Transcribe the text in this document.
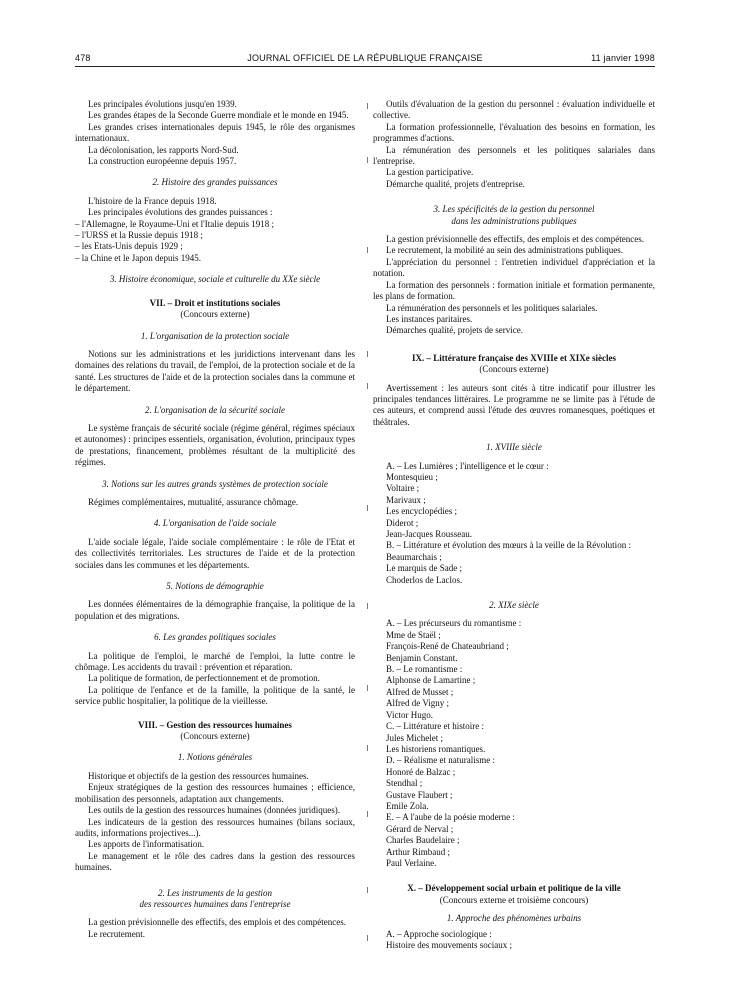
478	JOURNAL OFFICIEL DE LA RÉPUBLIQUE FRANÇAISE	11 janvier 1998

Les principales évolutions jusqu'en 1939.

Les grandes étapes de la Seconde Guerre mondiale et le monde en 1945.

Les grandes crises internationales depuis 1945, le rôle des organismes internationaux.

La décolonisation, les rapports Nord-Sud.

La construction européenne depuis 1957.

2. Histoire des grandes puissances

L'histoire de la France depuis 1918.

Les principales évolutions des grandes puissances :

– l'Allemagne, le Royaume-Uni et l'Italie depuis 1918 ;

– l'URSS et la Russie depuis 1918 ;

– les Etats-Unis depuis 1929 ;

– la Chine et le Japon depuis 1945.

3. Histoire économique, sociale et culturelle du XXe siècle

VII. – Droit et institutions sociales

(Concours externe)

1. L'organisation de la protection sociale

Notions sur les administrations et les juridictions intervenant dans les domaines des relations du travail, de l'emploi, de la protection sociale et de la santé. Les structures de l'aide et de la protection sociales dans la commune et le département.

2. L'organisation de la sécurité sociale

Le système français de sécurité sociale (régime général, régimes spéciaux et autonomes) : principes essentiels, organisation, évolution, principaux types de prestations, financement, problèmes résultant de la multiplicité des régimes.

3. Notions sur les autres grands systèmes de protection sociale

Régimes complémentaires, mutualité, assurance chômage.

4. L'organisation de l'aide sociale

L'aide sociale légale, l'aide sociale complémentaire : le rôle de l'Etat et des collectivités territoriales. Les structures de l'aide et de la protection sociales dans les communes et les départements.

5. Notions de démographie

Les données élémentaires de la démographie française, la politique de la population et des migrations.

6. Les grandes politiques sociales

La politique de l'emploi, le marché de l'emploi, la lutte contre le chômage. Les accidents du travail : prévention et réparation.

La politique de formation, de perfectionnement et de promotion.

La politique de l'enfance et de la famille, la politique de la santé, le service public hospitalier, la politique de la vieillesse.

VIII. – Gestion des ressources humaines

(Concours externe)

1. Notions générales

Historique et objectifs de la gestion des ressources humaines.

Enjeux stratégiques de la gestion des ressources humaines ; efficience, mobilisation des personnels, adaptation aux changements.

Les outils de la gestion des ressources humaines (données juridiques).

Les indicateurs de la gestion des ressources humaines (bilans sociaux, audits, informations projectives...).

Les apports de l'informatisation.

Le management et le rôle des cadres dans la gestion des ressources humaines.

2. Les instruments de la gestion
des ressources humaines dans l'entreprise

La gestion prévisionnelle des effectifs, des emplois et des compétences.

Le recrutement.

Outils d'évaluation de la gestion du personnel : évaluation individuelle et collective.

La formation professionnelle, l'évaluation des besoins en formation, les programmes d'actions.

La rémunération des personnels et les politiques salariales dans l'entreprise.

La gestion participative.

Démarche qualité, projets d'entreprise.

3. Les spécificités de la gestion du personnel
dans les administrations publiques

La gestion prévisionnelle des effectifs, des emplois et des compétences.

Le recrutement, la mobilité au sein des administrations publiques.

L'appréciation du personnel : l'entretien individuel d'appréciation et la notation.

La formation des personnels : formation initiale et formation permanente, les plans de formation.

La rémunération des personnels et les politiques salariales.

Les instances paritaires.

Démarches qualité, projets de service.

IX. – Littérature française des XVIIIe et XIXe siècles

(Concours externe)

Avertissement : les auteurs sont cités à titre indicatif pour illustrer les principales tendances littéraires. Le programme ne se limite pas à l'étude de ces auteurs, et comprend aussi l'étude des œuvres romanesques, poétiques et théâtrales.

1. XVIIIe siècle

A. – Les Lumières ; l'intelligence et le cœur :

Montesquieu ;

Voltaire ;

Marivaux ;

Les encyclopédies ;

Diderot ;

Jean-Jacques Rousseau.

B. – Littérature et évolution des mœurs à la veille de la Révolution :

Beaumarchais ;

Le marquis de Sade ;

Choderlos de Laclos.

2. XIXe siècle

A. – Les précurseurs du romantisme :

Mme de Staël ;

François-René de Chateaubriand ;

Benjamin Constant.

B. – Le romantisme :

Alphonse de Lamartine ;

Alfred de Musset ;

Alfred de Vigny ;

Victor Hugo.

C. – Littérature et histoire :

Jules Michelet ;

Les historiens romantiques.

D. – Réalisme et naturalisme :

Honoré de Balzac ;

Stendhal ;

Gustave Flaubert ;

Emile Zola.

E. – A l'aube de la poésie moderne :

Gérard de Nerval ;

Charles Baudelaire ;

Arthur Rimbaud ;

Paul Verlaine.

X. – Développement social urbain et politique de la ville

(Concours externe et troisième concours)

1. Approche des phénomènes urbains

A. – Approche sociologique :

Histoire des mouvements sociaux ;
